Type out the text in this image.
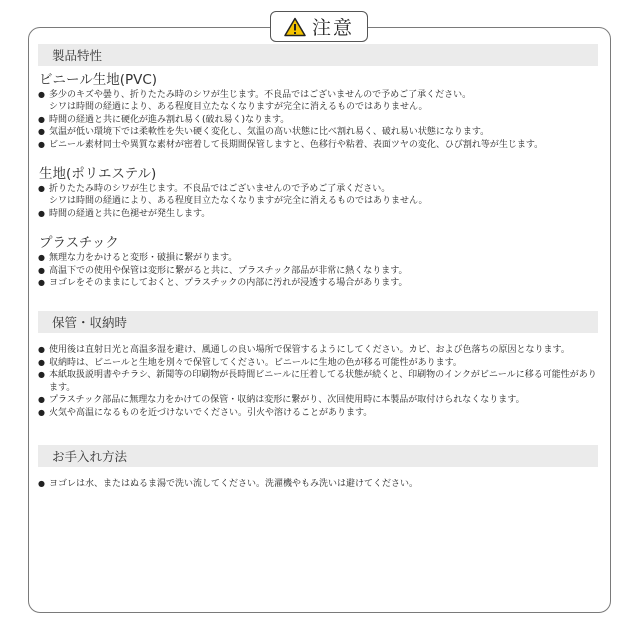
注意
製品特性
ビニール生地(PVC)
● 多少のキズや曇り、折りたたみ時のシワが生じます。不良品ではございませんので予めご了承ください。
シワは時間の経過により、ある程度目立たなくなりますが完全に消えるものではありません。
● 時間の経過と共に硬化が進み割れ易く(破れ易く)なります。
● 気温が低い環境下では柔軟性を失い硬く変化し、気温の高い状態に比べ割れ易く、破れ易い状態になります。
● ビニール素材同士や異質な素材が密着して長期間保管しますと、色移行や粘着、表面ツヤの変化、ひび割れ等が生じます。
生地(ポリエステル)
● 折りたたみ時のシワが生じます。不良品ではございませんので予めご了承ください。
シワは時間の経過により、ある程度目立たなくなりますが完全に消えるものではありません。
● 時間の経過と共に色褪せが発生します。
プラスチック
● 無理な力をかけると変形・破損に繋がります。
● 高温下での使用や保管は変形に繋がると共に、プラスチック部品が非常に熱くなります。
● ヨゴレをそのままにしておくと、プラスチックの内部に汚れが浸透する場合があります。
保管・収納時
● 使用後は直射日光と高温多湿を避け、風通しの良い場所で保管するようにしてください。カビ、および色落ちの原因となります。
● 収納時は、ビニールと生地を別々で保管してください。ビニールに生地の色が移る可能性があります。
● 本紙取扱説明書やチラシ、新聞等の印刷物が長時間ビニールに圧着してる状態が続くと、印刷物のインクがビニールに移る可能性があります。
● プラスチック部品に無理な力をかけての保管・収納は変形に繋がり、次回使用時に本製品が取付けられなくなります。
● 火気や高温になるものを近づけないでください。引火や溶けることがあります。
お手入れ方法
● ヨゴレは水、またはぬるま湯で洗い流してください。洗濯機やもみ洗いは避けてください。
